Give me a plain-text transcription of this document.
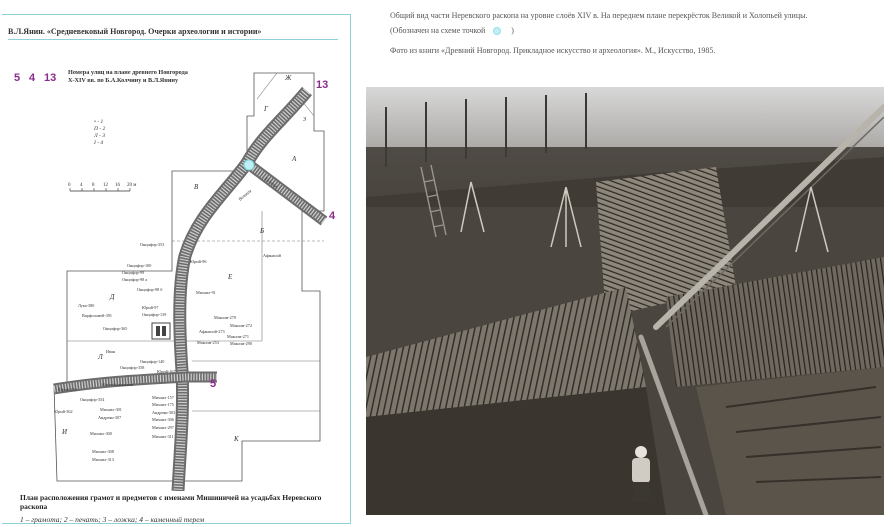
В.Л.Янин. «Средневековый Новгород. Очерки археологии и истории»
5 4 13 Номера улиц на плане древнего Новгорода
X-XIV вв. по Б.А.Колчину и В.Л.Янину
• - 1
П - 2
Л - 3
I - 4
0 4 8 12 16 20 м
13
4
5
Ж
Г
З
А
В
Б
Д
Е
Л
И
К
Онцифор-353
Юрий-96
Онцифор-100
Онцифор-99
Онцифор-98 а
Онцифор-98 б
Михаил-91
Лука-380	Юрий-97
Варфоломей-391	Онцифор-139
Онцифор-365
Максим-279
Максим-272
Афанасий-273
Максим-271
Максим-253	Максим-290
Иван
Онцифор-140
Онцифор-358
Юрий-167
Юрий-150
Онцифор-354	Михаил-157
Михаил-175
Юрий-362	Михаил-301
Андреян-303
Андреян-307	Михаил-306
Михаил-297
Михаил-300
Михаил-311
Михаил-308
Михаил-313
Афанасий
Великая
Холопья
Козмодемьянская
План расположения грамот и предметов с именами Мишиничей на усадьбах Неревского раскопа
1 – грамота; 2 – печать; 3 – ложка; 4 – каменный терем
Общий вид части Неревского раскопа на уровне слоёв XIV в. На переднем плане перекрёсток Великой и Холопьей улицы.
(Обозначен на схеме точкой	)
Фото из книги «Древний Новгород. Прикладное искусство и археология». М., Искусство, 1985.
